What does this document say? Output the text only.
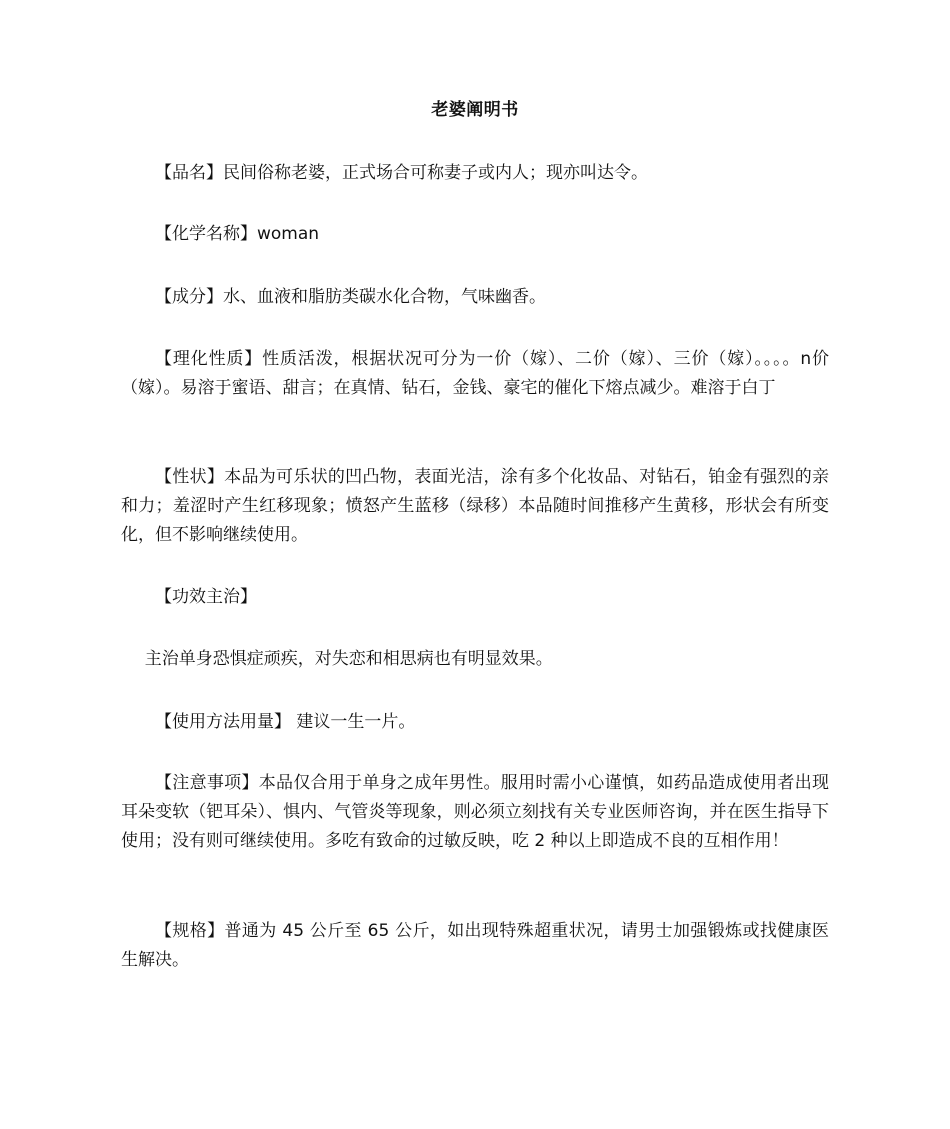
老婆阐明书
【品名】民间俗称老婆，正式场合可称妻子或内人；现亦叫达令。
【化学名称】woman
【成分】水、血液和脂肪类碳水化合物，气味幽香。
【理化性质】性质活泼，根据状况可分为一价（嫁）、二价（嫁）、三价（嫁）。。。。n价（嫁）。易溶于蜜语、甜言；在真情、钻石，金钱、豪宅的催化下熔点减少。难溶于白丁
【性状】本品为可乐状的凹凸物，表面光洁，涂有多个化妆品、对钻石，铂金有强烈的亲和力；羞涩时产生红移现象；愤怒产生蓝移（绿移）本品随时间推移产生黄移，形状会有所变化，但不影响继续使用。
【功效主治】
主治单身恐惧症顽疾，对失恋和相思病也有明显效果。
【使用方法用量】 建议一生一片。
【注意事项】本品仅合用于单身之成年男性。服用时需小心谨慎，如药品造成使用者出现耳朵变软（钯耳朵）、惧内、气管炎等现象，则必须立刻找有关专业医师咨询，并在医生指导下使用；没有则可继续使用。多吃有致命的过敏反映，吃 2 种以上即造成不良的互相作用！
【规格】普通为 45 公斤至 65 公斤，如出现特殊超重状况，请男士加强锻炼或找健康医生解决。
